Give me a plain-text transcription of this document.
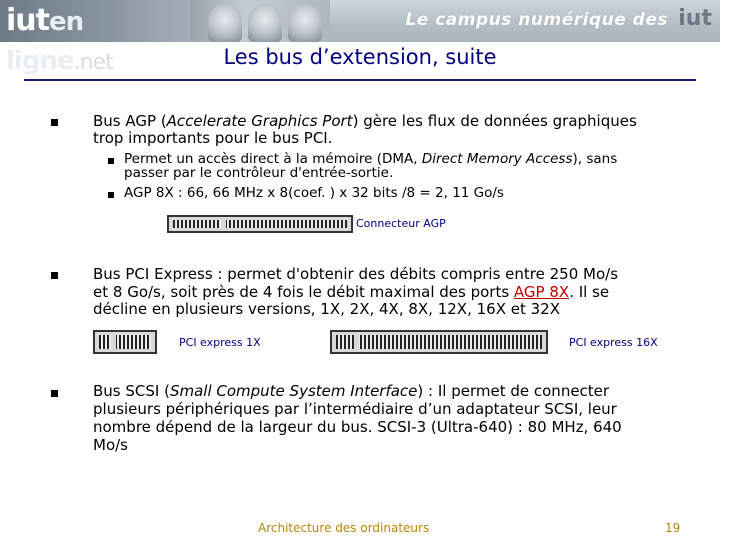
iuten ligne.net
Le campus numérique des iut
Les bus d’extension, suite
Bus AGP (Accelerate Graphics Port) gère les flux de données graphiques
trop importants pour le bus PCI.
Permet un accès direct à la mémoire (DMA, Direct Memory Access), sans
passer par le contrôleur d'entrée-sortie.
AGP 8X : 66, 66 MHz x 8(coef. ) x 32 bits /8 = 2, 11 Go/s
Connecteur AGP
Bus PCI Express : permet d'obtenir des débits compris entre 250 Mo/s
et 8 Go/s, soit près de 4 fois le débit maximal des ports AGP 8X. Il se
décline en plusieurs versions, 1X, 2X, 4X, 8X, 12X, 16X et 32X
PCI express 1X	PCI express 16X
Bus SCSI (Small Compute System Interface) : Il permet de connecter
plusieurs périphériques par l’intermédiaire d’un adaptateur SCSI, leur
nombre dépend de la largeur du bus. SCSI-3 (Ultra-640) : 80 MHz, 640
Mo/s
Architecture des ordinateurs	19
